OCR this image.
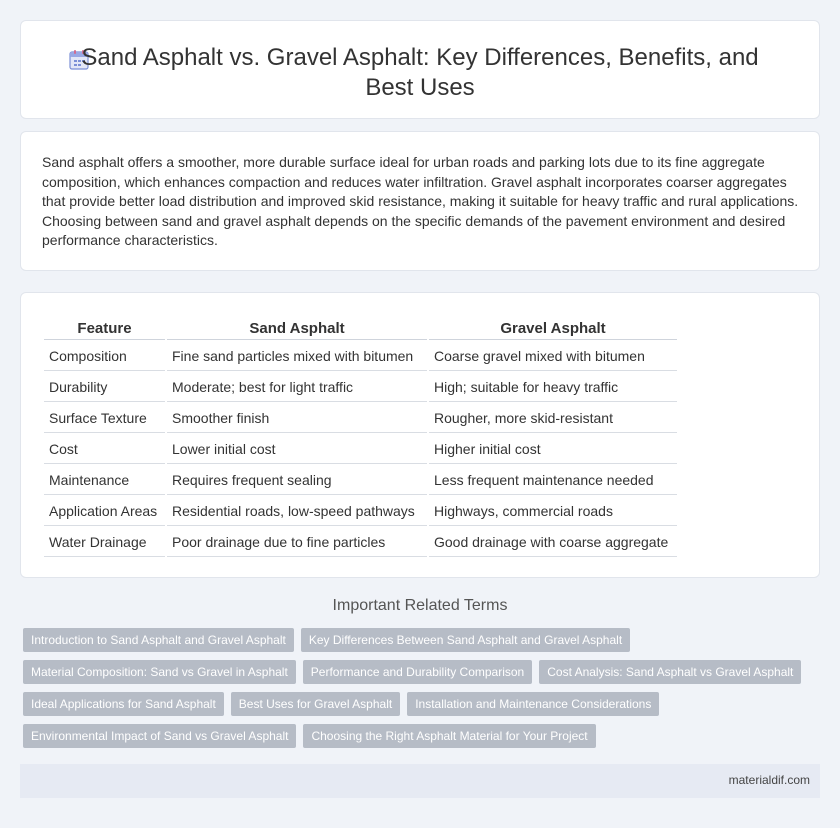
Sand Asphalt vs. Gravel Asphalt: Key Differences, Benefits, and Best Uses

Sand asphalt offers a smoother, more durable surface ideal for urban roads and parking lots due to its fine aggregate composition, which enhances compaction and reduces water infiltration. Gravel asphalt incorporates coarser aggregates that provide better load distribution and improved skid resistance, making it suitable for heavy traffic and rural applications. Choosing between sand and gravel asphalt depends on the specific demands of the pavement environment and desired performance characteristics.

Feature	Sand Asphalt	Gravel Asphalt
Composition	Fine sand particles mixed with bitumen	Coarse gravel mixed with bitumen
Durability	Moderate; best for light traffic	High; suitable for heavy traffic
Surface Texture	Smoother finish	Rougher, more skid-resistant
Cost	Lower initial cost	Higher initial cost
Maintenance	Requires frequent sealing	Less frequent maintenance needed
Application Areas	Residential roads, low-speed pathways	Highways, commercial roads
Water Drainage	Poor drainage due to fine particles	Good drainage with coarse aggregate
Important Related Terms
Introduction to Sand Asphalt and Gravel Asphalt	Key Differences Between Sand Asphalt and Gravel Asphalt
Material Composition: Sand vs Gravel in Asphalt	Performance and Durability Comparison	Cost Analysis: Sand Asphalt vs Gravel Asphalt
Ideal Applications for Sand Asphalt	Best Uses for Gravel Asphalt	Installation and Maintenance Considerations
Environmental Impact of Sand vs Gravel Asphalt	Choosing the Right Asphalt Material for Your Project
materialdif.com
